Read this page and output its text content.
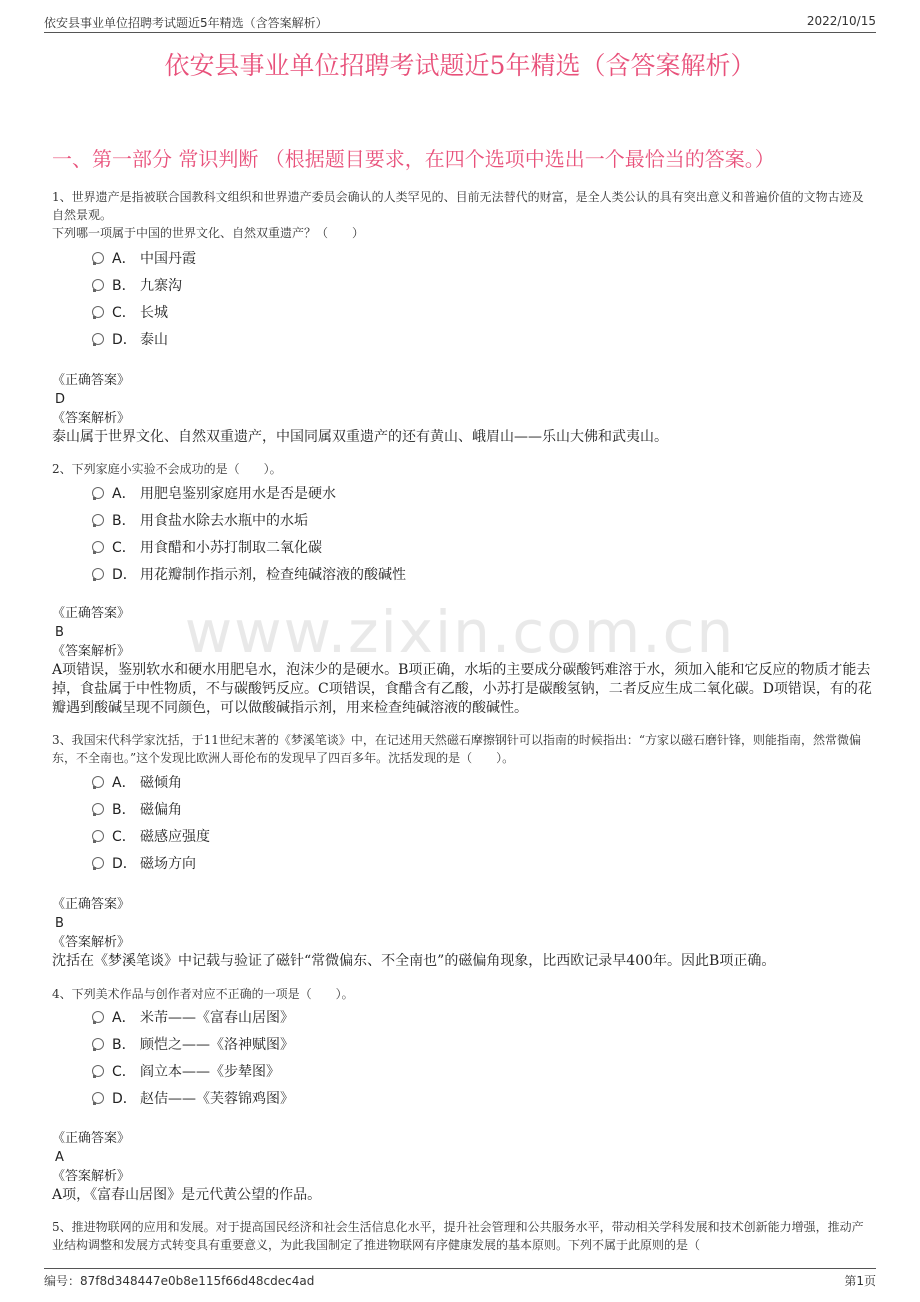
依安县事业单位招聘考试题近5年精选（含答案解析）	2022/10/15
依安县事业单位招聘考试题近5年精选（含答案解析）
一、第一部分 常识判断 （根据题目要求，在四个选项中选出一个最恰当的答案。）
www.zixin.com.cn
1、世界遗产是指被联合国教科文组织和世界遗产委员会确认的人类罕见的、目前无法替代的财富，是全人类公认的具有突出意义和普遍价值的文物古迹及自然景观。
下列哪一项属于中国的世界文化、自然双重遗产？（　　）
A． 中国丹霞
B． 九寨沟
C． 长城
D． 泰山
《正确答案》
D
《答案解析》
泰山属于世界文化、自然双重遗产，中国同属双重遗产的还有黄山、峨眉山——乐山大佛和武夷山。
2、下列家庭小实验不会成功的是（　　）。
A． 用肥皂鉴别家庭用水是否是硬水
B． 用食盐水除去水瓶中的水垢
C． 用食醋和小苏打制取二氧化碳
D． 用花瓣制作指示剂，检查纯碱溶液的酸碱性
《正确答案》
B
《答案解析》
A项错误，鉴别软水和硬水用肥皂水，泡沫少的是硬水。B项正确，水垢的主要成分碳酸钙难溶于水，须加入能和它反应的物质才能去掉，食盐属于中性物质，不与碳酸钙反应。C项错误，食醋含有乙酸，小苏打是碳酸氢钠，二者反应生成二氧化碳。D项错误，有的花瓣遇到酸碱呈现不同颜色，可以做酸碱指示剂，用来检查纯碱溶液的酸碱性。
3、我国宋代科学家沈括，于11世纪末著的《梦溪笔谈》中，在记述用天然磁石摩擦钢针可以指南的时候指出：“方家以磁石磨针锋，则能指南，然常微偏东，不全南也。”这个发现比欧洲人哥伦布的发现早了四百多年。沈括发现的是（　　）。
A． 磁倾角
B． 磁偏角
C． 磁感应强度
D． 磁场方向
《正确答案》
B
《答案解析》
沈括在《梦溪笔谈》中记载与验证了磁针“常微偏东、不全南也”的磁偏角现象，比西欧记录早400年。因此B项正确。
4、下列美术作品与创作者对应不正确的一项是（　　）。
A． 米芾——《富春山居图》
B． 顾恺之——《洛神赋图》
C． 阎立本——《步辇图》
D． 赵佶——《芙蓉锦鸡图》
《正确答案》
A
《答案解析》
A项，《富春山居图》是元代黄公望的作品。
5、推进物联网的应用和发展。对于提高国民经济和社会生活信息化水平，提升社会管理和公共服务水平，带动相关学科发展和技术创新能力增强，推动产业结构调整和发展方式转变具有重要意义，为此我国制定了推进物联网有序健康发展的基本原则。下列不属于此原则的是（
编号：87f8d348447e0b8e115f66d48cdec4ad	第1页
